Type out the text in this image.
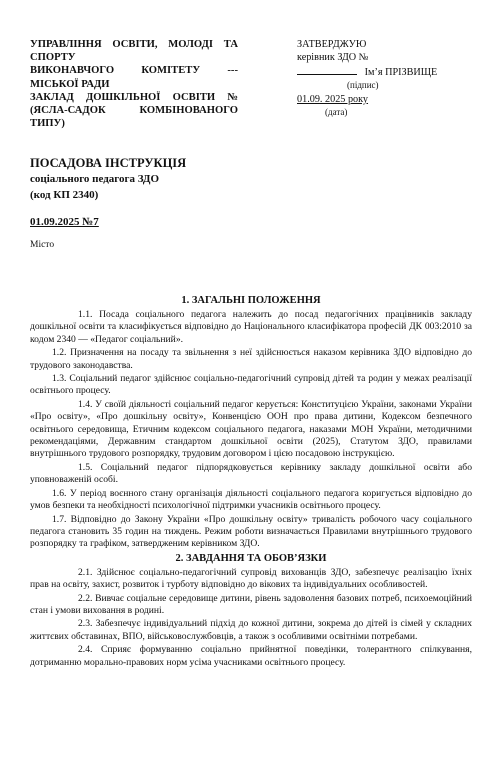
УПРАВЛІННЯ ОСВІТИ, МОЛОДІ ТА
СПОРТУ
ВИКОНАВЧОГО КОМІТЕТУ ---
МІСЬКОЇ РАДИ
ЗАКЛАД ДОШКІЛЬНОЇ ОСВІТИ №
(ЯСЛА-САДОК КОМБІНОВАНОГО
ТИПУ)
ЗАТВЕРДЖУЮ
керівник ЗДО №
Ім’я ПРІЗВИЩЕ
(підпис)
01.09. 2025 року
(дата)
ПОСАДОВА ІНСТРУКЦІЯ
соціального педагога ЗДО
(код КП 2340)
01.09.2025 №7
Місто
1. ЗАГАЛЬНІ ПОЛОЖЕННЯ

1.1. Посада соціального педагога належить до посад педагогічних працівників закладу дошкільної освіти та класифікується відповідно до Національного класифікатора професій ДК 003:2010 за кодом 2340 — «Педагог соціальний».

1.2. Призначення на посаду та звільнення з неї здійснюється наказом керівника ЗДО відповідно до трудового законодавства.

1.3. Соціальний педагог здійснює соціально-педагогічний супровід дітей та родин у межах реалізації освітнього процесу.

1.4. У своїй діяльності соціальний педагог керується: Конституцією України, законами України «Про освіту», «Про дошкільну освіту», Конвенцією ООН про права дитини, Кодексом безпечного освітнього середовища, Етичним кодексом соціального педагога, наказами МОН України, методичними рекомендаціями, Державним стандартом дошкільної освіти (2025), Статутом ЗДО, правилами внутрішнього трудового розпорядку, трудовим договором і цією посадовою інструкцією.

1.5. Соціальний педагог підпорядковується керівнику закладу дошкільної освіти або уповноваженій особі.

1.6. У період воєнного стану організація діяльності соціального педагога коригується відповідно до умов безпеки та необхідності психологічної підтримки учасників освітнього процесу.

1.7. Відповідно до Закону України «Про дошкільну освіту» тривалість робочого часу соціального педагога становить 35 годин на тиждень. Режим роботи визначається Правилами внутрішнього трудового розпорядку та графіком, затвердженим керівником ЗДО.

2. ЗАВДАННЯ ТА ОБОВ’ЯЗКИ

2.1. Здійснює соціально-педагогічний супровід вихованців ЗДО, забезпечує реалізацію їхніх прав на освіту, захист, розвиток і турботу відповідно до вікових та індивідуальних особливостей.

2.2. Вивчає соціальне середовище дитини, рівень задоволення базових потреб, психоемоційний стан і умови виховання в родині.

2.3. Забезпечує індивідуальний підхід до кожної дитини, зокрема до дітей із сімей у складних життєвих обставинах, ВПО, військовослужбовців, а також з особливими освітніми потребами.

2.4. Сприяє формуванню соціально прийнятної поведінки, толерантного спілкування, дотриманню морально-правових норм усіма учасниками освітнього процесу.
